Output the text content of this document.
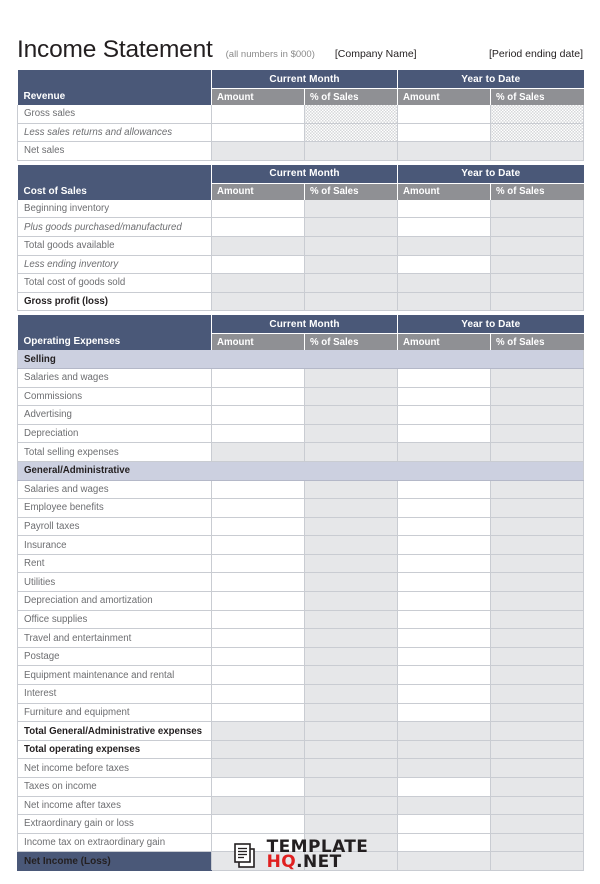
Income Statement (all numbers in $000) [Company Name]	[Period ending date]
Revenue	Current Month		Year to Date	
	Amount	% of Sales	Amount	% of Sales
Gross sales				
Less sales returns and allowances				
Net sales				

Cost of Sales	Current Month		Year to Date	
	Amount	% of Sales	Amount	% of Sales
Beginning inventory				
Plus goods purchased/manufactured				
Total goods available				
Less ending inventory				
Total cost of goods sold				
Gross profit (loss)				

Operating Expenses	Current Month		Year to Date	
	Amount	% of Sales	Amount	% of Sales
Selling				
Salaries and wages				
Commissions				
Advertising				
Depreciation				
Total selling expenses				
General/Administrative				
Salaries and wages				
Employee benefits				
Payroll taxes				
Insurance				
Rent				
Utilities				
Depreciation and amortization				
Office supplies				
Travel and entertainment				
Postage				
Equipment maintenance and rental				
Interest				
Furniture and equipment				
Total General/Administrative expenses				
Total operating expenses				
Net income before taxes				
Taxes on income				
Net income after taxes				
Extraordinary gain or loss				
Income tax on extraordinary gain				
Net Income (Loss)				
TEMPLATE
HQ.NET
